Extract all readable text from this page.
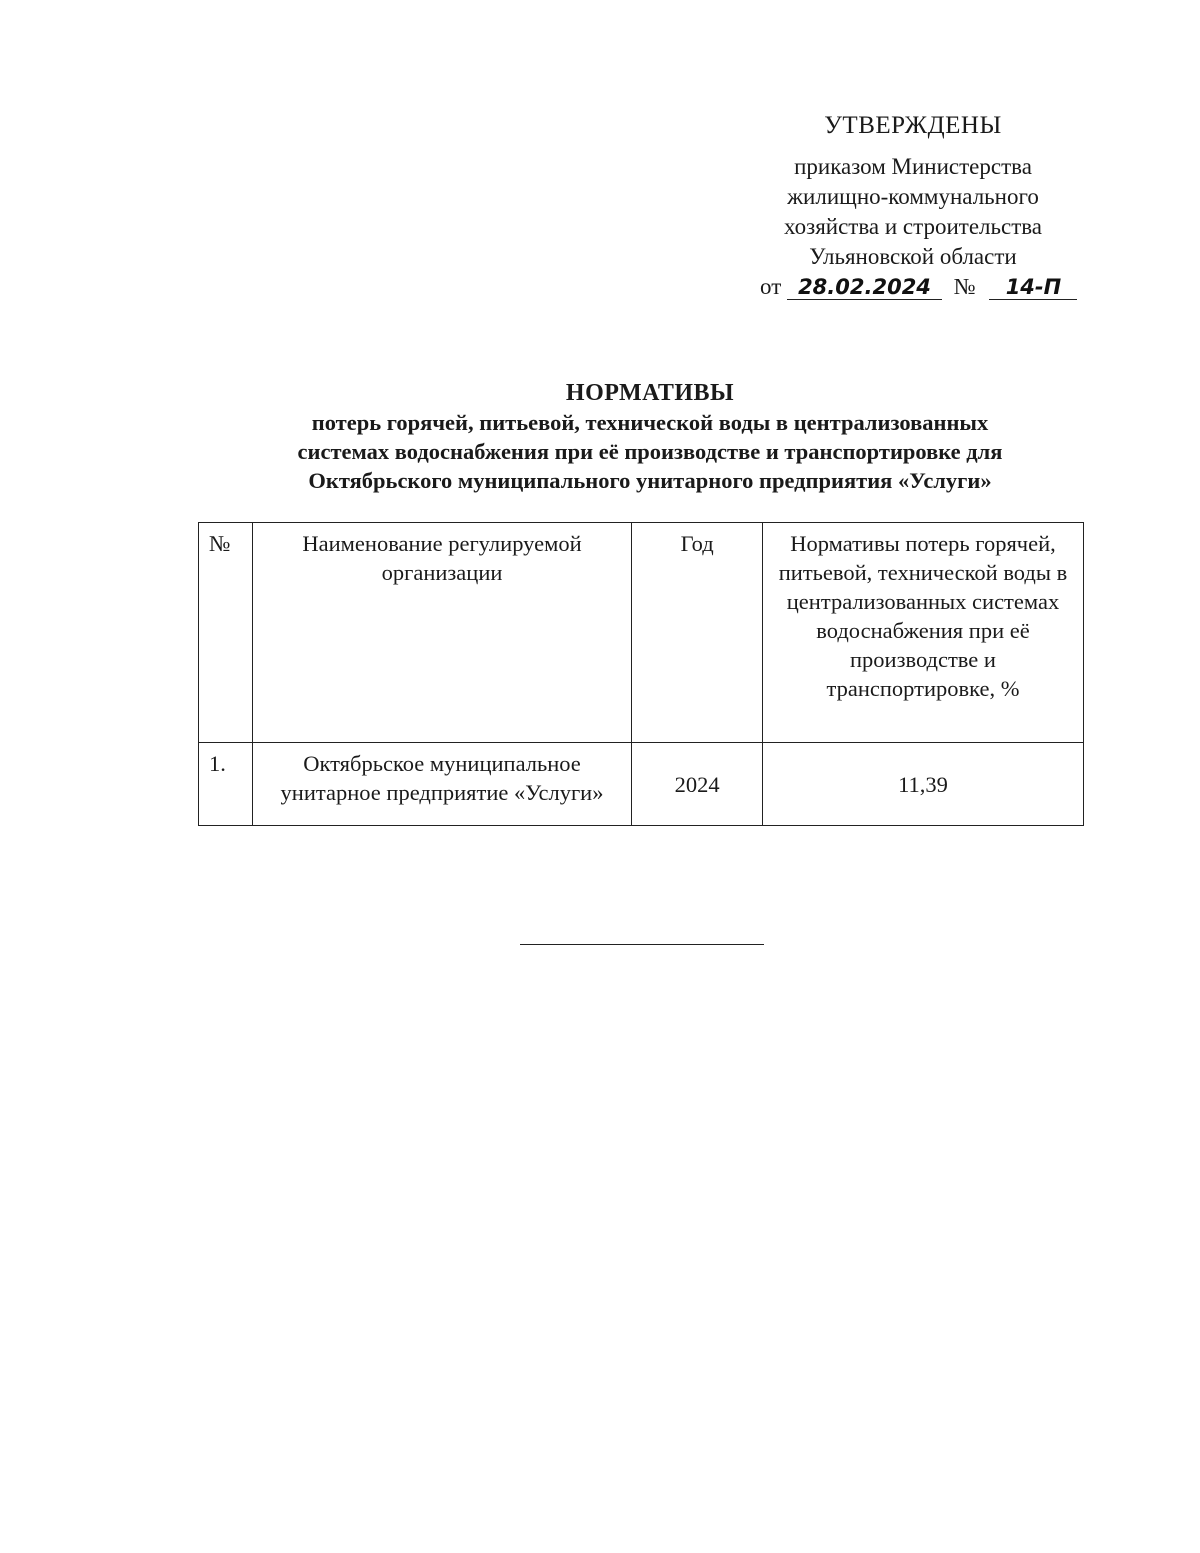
УТВЕРЖДЕНЫ
приказом Министерства
жилищно-коммунального
хозяйства и строительства
Ульяновской области
от 28.02.2024 № 14-П
НОРМАТИВЫ
потерь горячей, питьевой, технической воды в централизованных
системах водоснабжения при её производстве и транспортировке для
Октябрьского муниципального унитарного предприятия «Услуги»
№	Наименование регулируемой организации	Год	Нормативы потерь горячей, питьевой, технической воды в централизованных системах водоснабжения при её производстве и транспортировке, %
1.	Октябрьское муниципальное унитарное предприятие «Услуги»	2024	11,39
